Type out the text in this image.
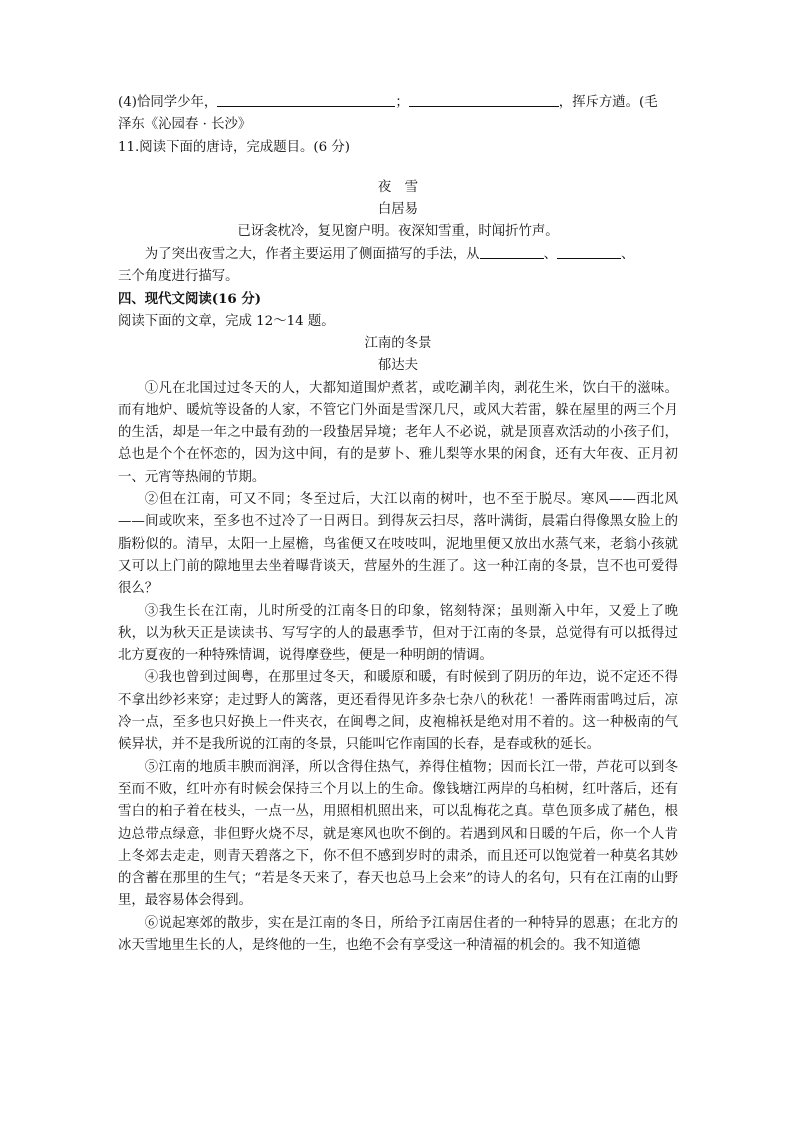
(4)恰同学少年，	；	，挥斥方遒。(毛
泽东《沁园春 · 长沙》
11.阅读下面的唐诗，完成题目。(6 分)
夜　雪
白居易
已讶衾枕冷，复见窗户明。夜深知雪重，时闻折竹声。
为了突出夜雪之大，作者主要运用了侧面描写的手法，从	、	、
三个角度进行描写。
四、现代文阅读(16 分)
阅读下面的文章，完成 12～14 题。
江南的冬景
郁达夫

①凡在北国过过冬天的人，大都知道围炉煮茗，或吃涮羊肉，剥花生米，饮白干的滋味。而有地炉、暖炕等设备的人家，不管它门外面是雪深几尺，或风大若雷，躲在屋里的两三个月的生活，却是一年之中最有劲的一段蛰居异境；老年人不必说，就是顶喜欢活动的小孩子们，总也是个个在怀恋的，因为这中间，有的是萝卜、雅儿梨等水果的闲食，还有大年夜、正月初一、元宵等热闹的节期。

②但在江南，可又不同；冬至过后，大江以南的树叶，也不至于脱尽。寒风——西北风——间或吹来，至多也不过冷了一日两日。到得灰云扫尽，落叶满街，晨霜白得像黑女脸上的脂粉似的。清早，太阳一上屋檐，鸟雀便又在吱吱叫，泥地里便又放出水蒸气来，老翁小孩就又可以上门前的隙地里去坐着曝背谈天，营屋外的生涯了。这一种江南的冬景，岂不也可爱得很么？

③我生长在江南，儿时所受的江南冬日的印象，铭刻特深；虽则渐入中年，又爱上了晚秋，以为秋天正是读读书、写写字的人的最惠季节，但对于江南的冬景，总觉得有可以抵得过北方夏夜的一种特殊情调，说得摩登些，便是一种明朗的情调。

④我也曾到过闽粤，在那里过冬天，和暖原和暖，有时候到了阴历的年边，说不定还不得不拿出纱衫来穿；走过野人的篱落，更还看得见许多杂七杂八的秋花！一番阵雨雷鸣过后，凉冷一点，至多也只好换上一件夹衣，在闽粤之间，皮袍棉袄是绝对用不着的。这一种极南的气候异状，并不是我所说的江南的冬景，只能叫它作南国的长春，是春或秋的延长。

⑤江南的地质丰腴而润泽，所以含得住热气，养得住植物；因而长江一带，芦花可以到冬至而不败，红叶亦有时候会保持三个月以上的生命。像钱塘江两岸的乌桕树，红叶落后，还有雪白的桕子着在枝头，一点一丛，用照相机照出来，可以乱梅花之真。草色顶多成了赭色，根边总带点绿意，非但野火烧不尽，就是寒风也吹不倒的。若遇到风和日暖的午后，你一个人肯上冬郊去走走，则青天碧落之下，你不但不感到岁时的肃杀，而且还可以饱觉着一种莫名其妙的含蓄在那里的生气；“若是冬天来了，春天也总马上会来”的诗人的名句，只有在江南的山野里，最容易体会得到。

⑥说起寒郊的散步，实在是江南的冬日，所给予江南居住者的一种特异的恩惠；在北方的冰天雪地里生长的人，是终他的一生，也绝不会有享受这一种清福的机会的。我不知道德
